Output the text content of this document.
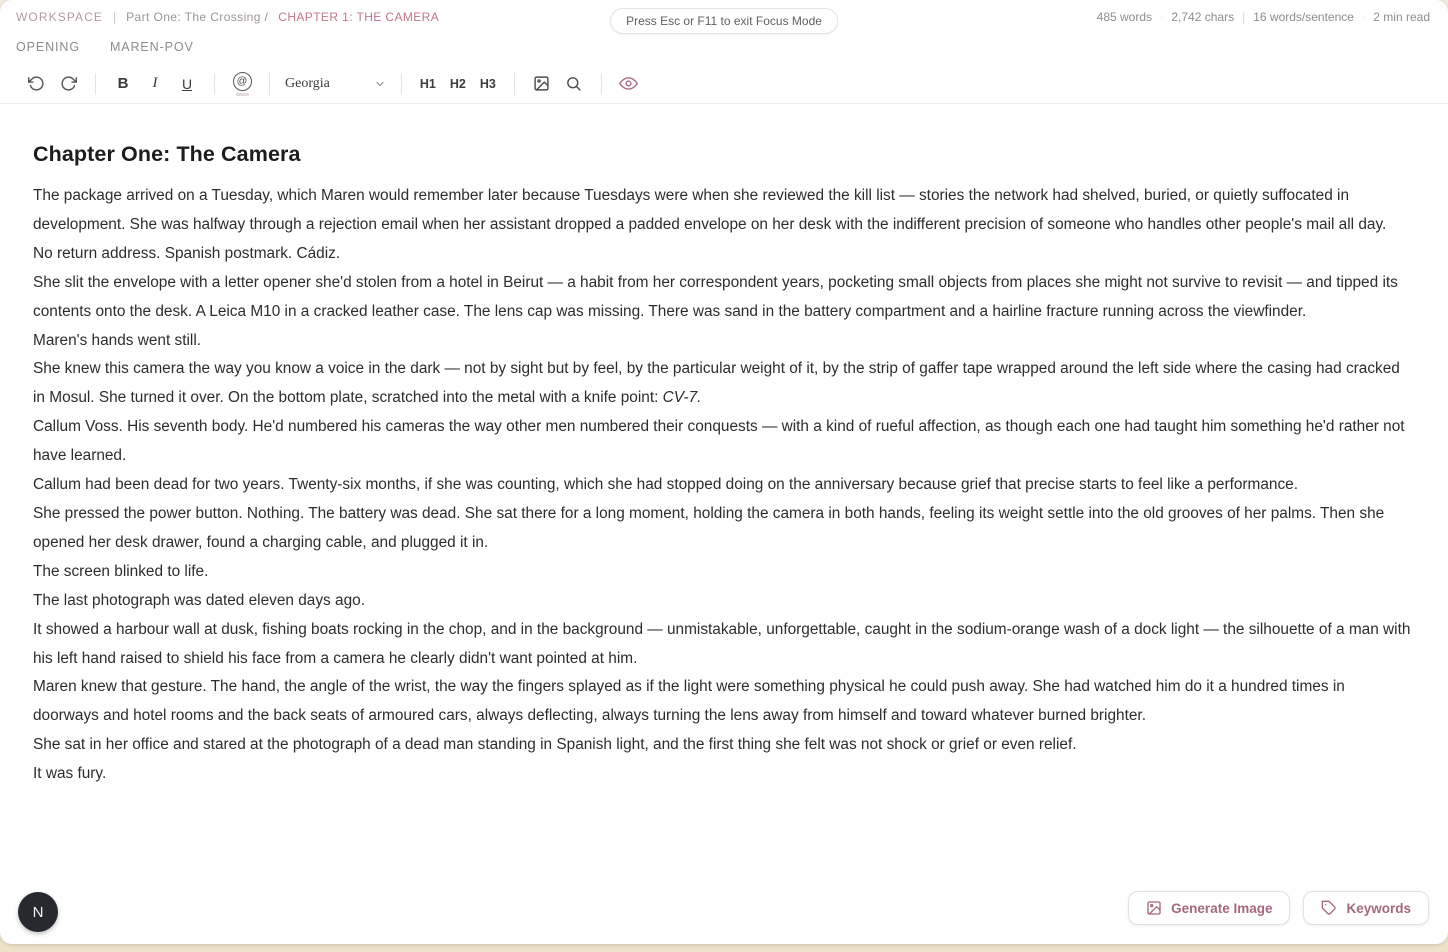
WORKSPACE | Part One: The Crossing / CHAPTER 1: THE CAMERA	Press Esc or F11 to exit Focus Mode	485 words · 2,742 chars | 16 words/sentence · 2 min read
OPENING MAREN-POV
B	I	U	@	Georgia	H1 H2 H3
Chapter One: The Camera

The package arrived on a Tuesday, which Maren would remember later because Tuesdays were when she reviewed the kill list — stories the network had shelved, buried, or quietly suffocated in development. She was halfway through a rejection email when her assistant dropped a padded envelope on her desk with the indifferent precision of someone who handles other people's mail all day.

No return address. Spanish postmark. Cádiz.

She slit the envelope with a letter opener she'd stolen from a hotel in Beirut — a habit from her correspondent years, pocketing small objects from places she might not survive to revisit — and tipped its contents onto the desk. A Leica M10 in a cracked leather case. The lens cap was missing. There was sand in the battery compartment and a hairline fracture running across the viewfinder.

Maren's hands went still.

She knew this camera the way you know a voice in the dark — not by sight but by feel, by the particular weight of it, by the strip of gaffer tape wrapped around the left side where the casing had cracked in Mosul. She turned it over. On the bottom plate, scratched into the metal with a knife point: CV-7.

Callum Voss. His seventh body. He'd numbered his cameras the way other men numbered their conquests — with a kind of rueful affection, as though each one had taught him something he'd rather not have learned.

Callum had been dead for two years. Twenty-six months, if she was counting, which she had stopped doing on the anniversary because grief that precise starts to feel like a performance.

She pressed the power button. Nothing. The battery was dead. She sat there for a long moment, holding the camera in both hands, feeling its weight settle into the old grooves of her palms. Then she opened her desk drawer, found a charging cable, and plugged it in.

The screen blinked to life.

The last photograph was dated eleven days ago.

It showed a harbour wall at dusk, fishing boats rocking in the chop, and in the background — unmistakable, unforgettable, caught in the sodium-orange wash of a dock light — the silhouette of a man with his left hand raised to shield his face from a camera he clearly didn't want pointed at him.

Maren knew that gesture. The hand, the angle of the wrist, the way the fingers splayed as if the light were something physical he could push away. She had watched him do it a hundred times in doorways and hotel rooms and the back seats of armoured cars, always deflecting, always turning the lens away from himself and toward whatever burned brighter.

She sat in her office and stared at the photograph of a dead man standing in Spanish light, and the first thing she felt was not shock or grief or even relief.

It was fury.

N	Generate Image	Keywords
